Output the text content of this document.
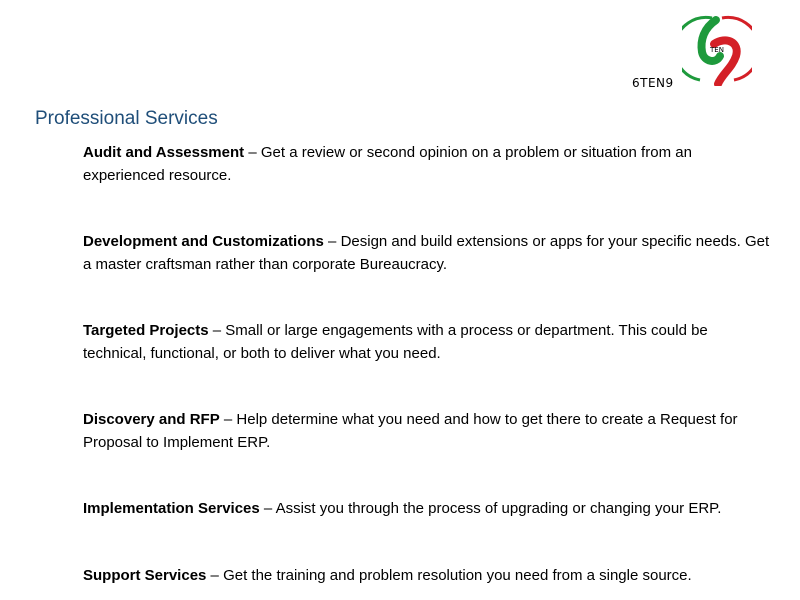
TEN
6TEN9
Professional Services

Audit and Assessment – Get a review or second opinion on a problem or situation from an experienced resource.

Development and Customizations – Design and build extensions or apps for your specific needs. Get a master craftsman rather than corporate Bureaucracy.

Targeted Projects – Small or large engagements with a process or department. This could be technical, functional, or both to deliver what you need.

Discovery and RFP – Help determine what you need and how to get there to create a Request for Proposal to Implement ERP.

Implementation Services – Assist you through the process of upgrading or changing your ERP.

Support Services – Get the training and problem resolution you need from a single source.
